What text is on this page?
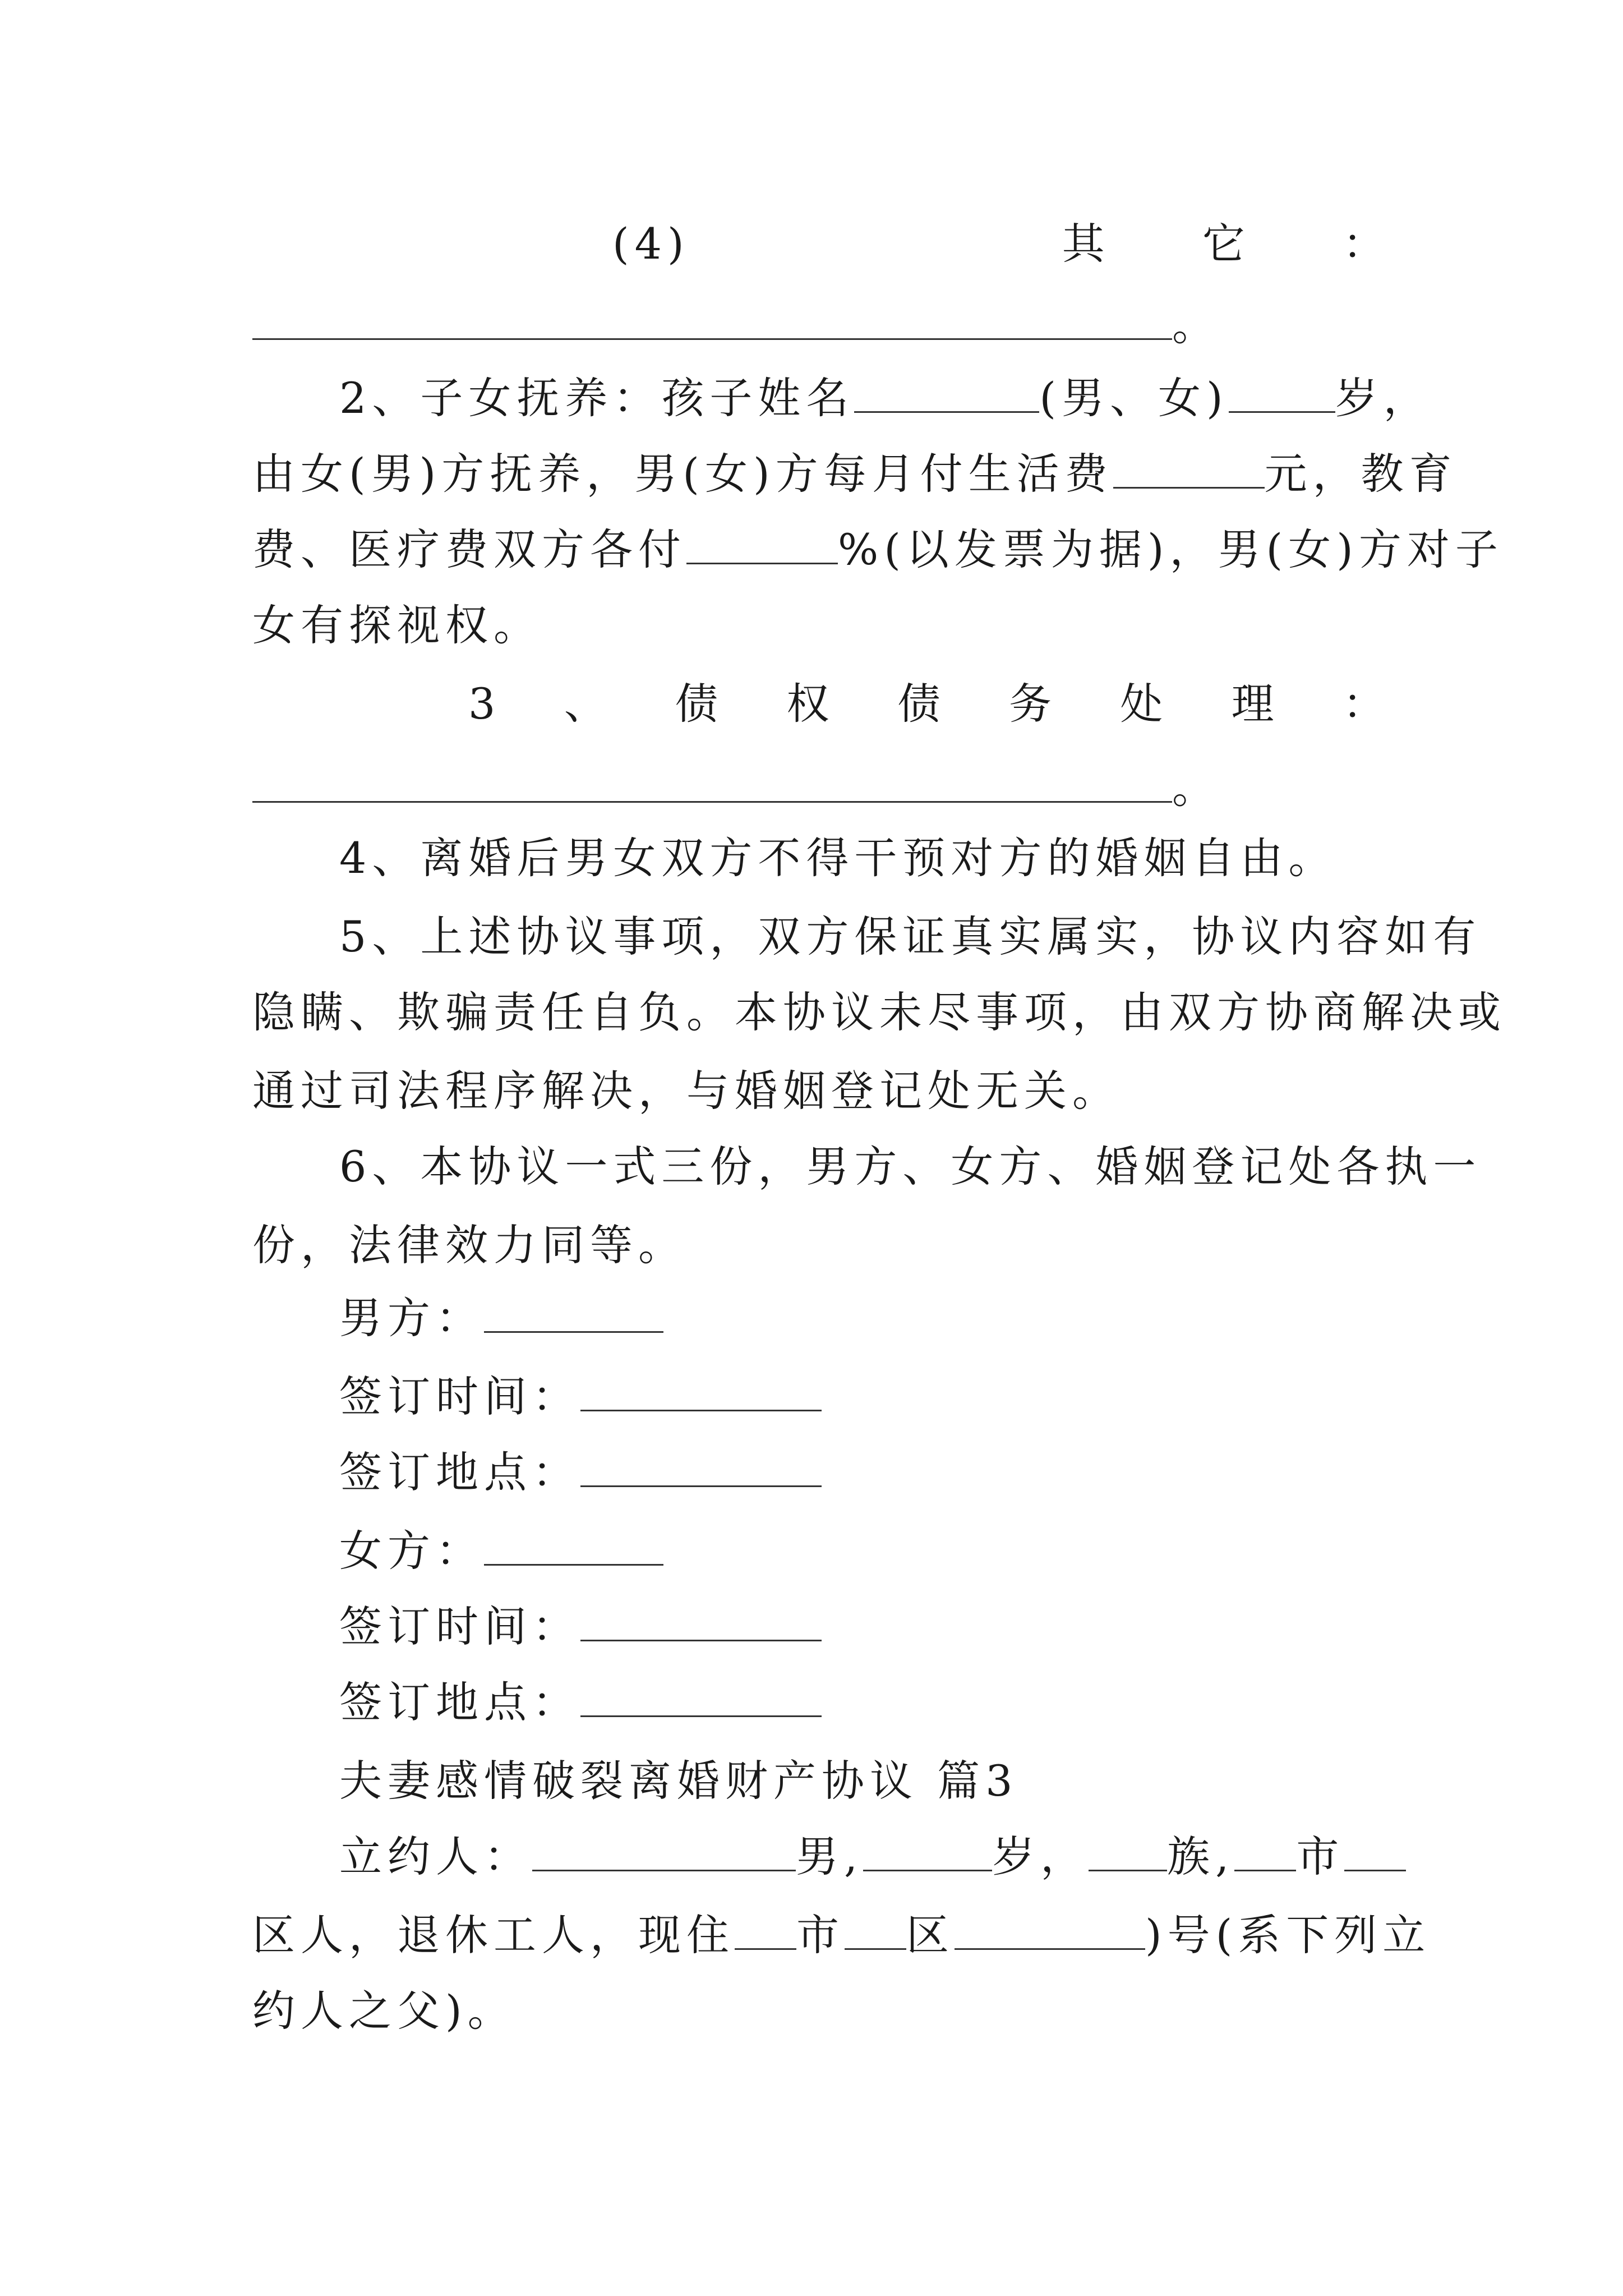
(4)	其 它 ：
。
2、子女抚养：孩子姓名	(男、女)	岁，
由女(男)方抚养，男(女)方每月付生活费	元，教育
费、医疗费双方各付	%(以发票为据)，男(女)方对子
女有探视权。
3 、 债 权 债 务 处 理 ：
。
4、离婚后男女双方不得干预对方的婚姻自由。
5、上述协议事项，双方保证真实属实，协议内容如有
隐瞒、欺骗责任自负。本协议未尽事项，由双方协商解决或
通过司法程序解决，与婚姻登记处无关。
6、本协议一式三份，男方、女方、婚姻登记处各执一
份，法律效力同等。
男方：
签订时间：
签订地点：
女方：
签订时间：
签订地点：
夫妻感情破裂离婚财产协议 篇3
立约人：	男,	岁， 族, 市
区人，退休工人，现住 市 区	)号(系下列立
约人之父)。
